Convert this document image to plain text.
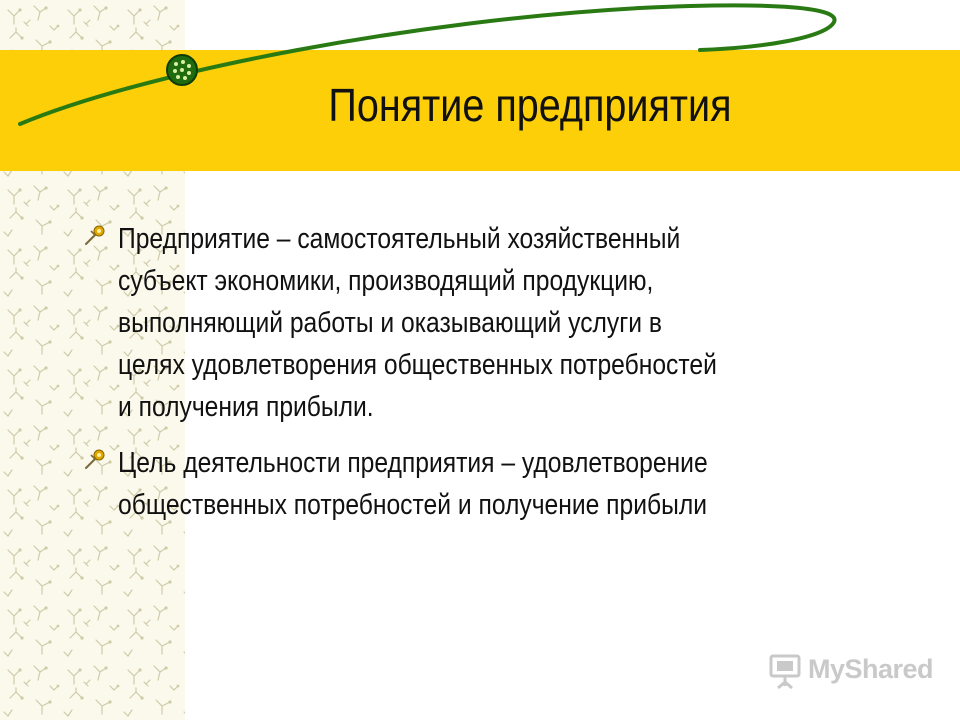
Понятие предприятия
Предприятие – самостоятельный хозяйственный
субъект экономики, производящий продукцию,
выполняющий работы и оказывающий услуги в
целях удовлетворения общественных потребностей
и получения прибыли.
Цель деятельности предприятия – удовлетворение
общественных потребностей и получение прибыли
MyShared
